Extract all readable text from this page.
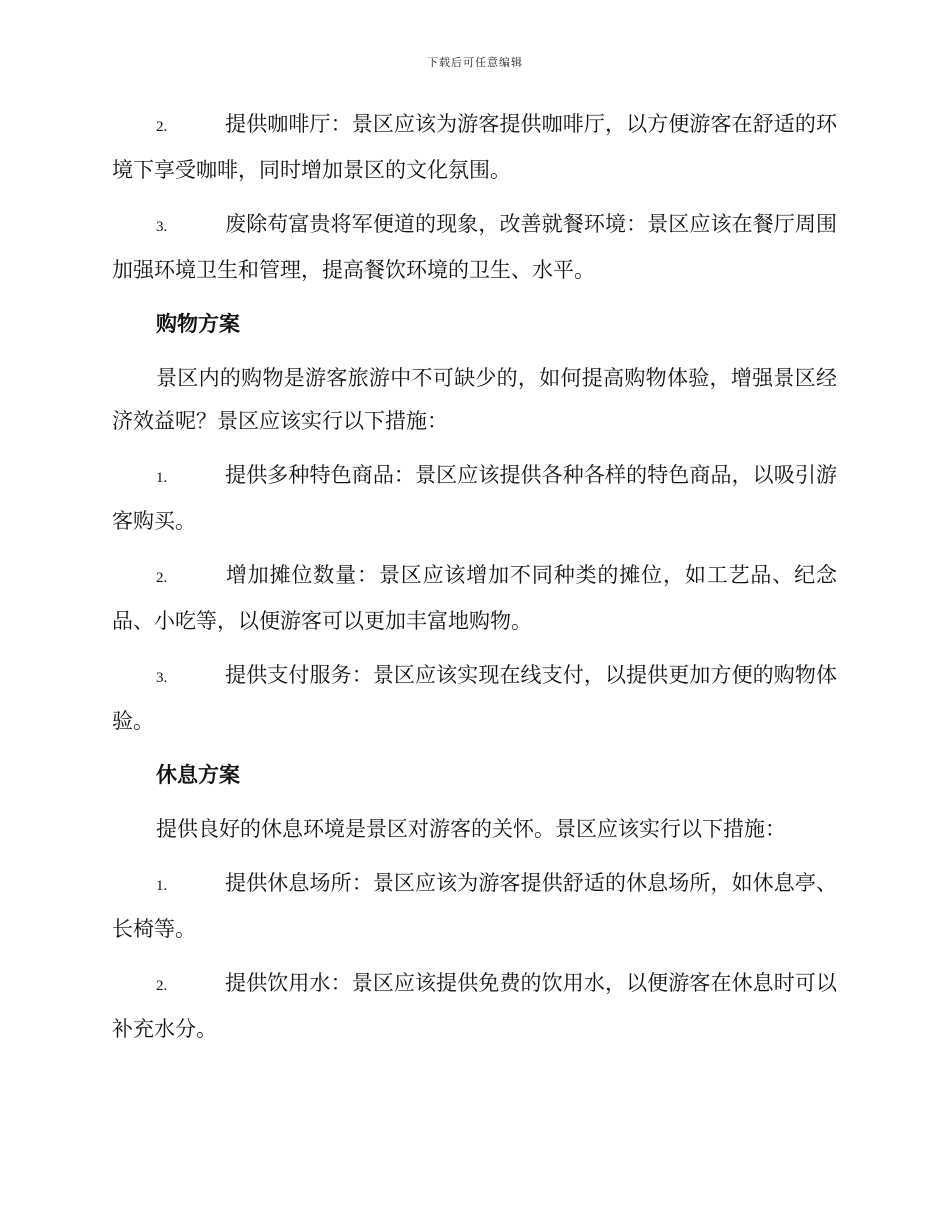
下载后可任意编辑

2.	提供咖啡厅：景区应该为游客提供咖啡厅，以方便游客在舒适的环境下享受咖啡，同时增加景区的文化氛围。

3.	废除苟富贵将军便道的现象，改善就餐环境：景区应该在餐厅周围加强环境卫生和管理，提高餐饮环境的卫生、水平。

购物方案

景区内的购物是游客旅游中不可缺少的，如何提高购物体验，增强景区经济效益呢？景区应该实行以下措施：

1.	提供多种特色商品：景区应该提供各种各样的特色商品，以吸引游客购买。

2.	增加摊位数量：景区应该增加不同种类的摊位，如工艺品、纪念品、小吃等，以便游客可以更加丰富地购物。

3.	提供支付服务：景区应该实现在线支付，以提供更加方便的购物体验。

休息方案

提供良好的休息环境是景区对游客的关怀。景区应该实行以下措施：

1.	提供休息场所：景区应该为游客提供舒适的休息场所，如休息亭、长椅等。

2.	提供饮用水：景区应该提供免费的饮用水，以便游客在休息时可以补充水分。
